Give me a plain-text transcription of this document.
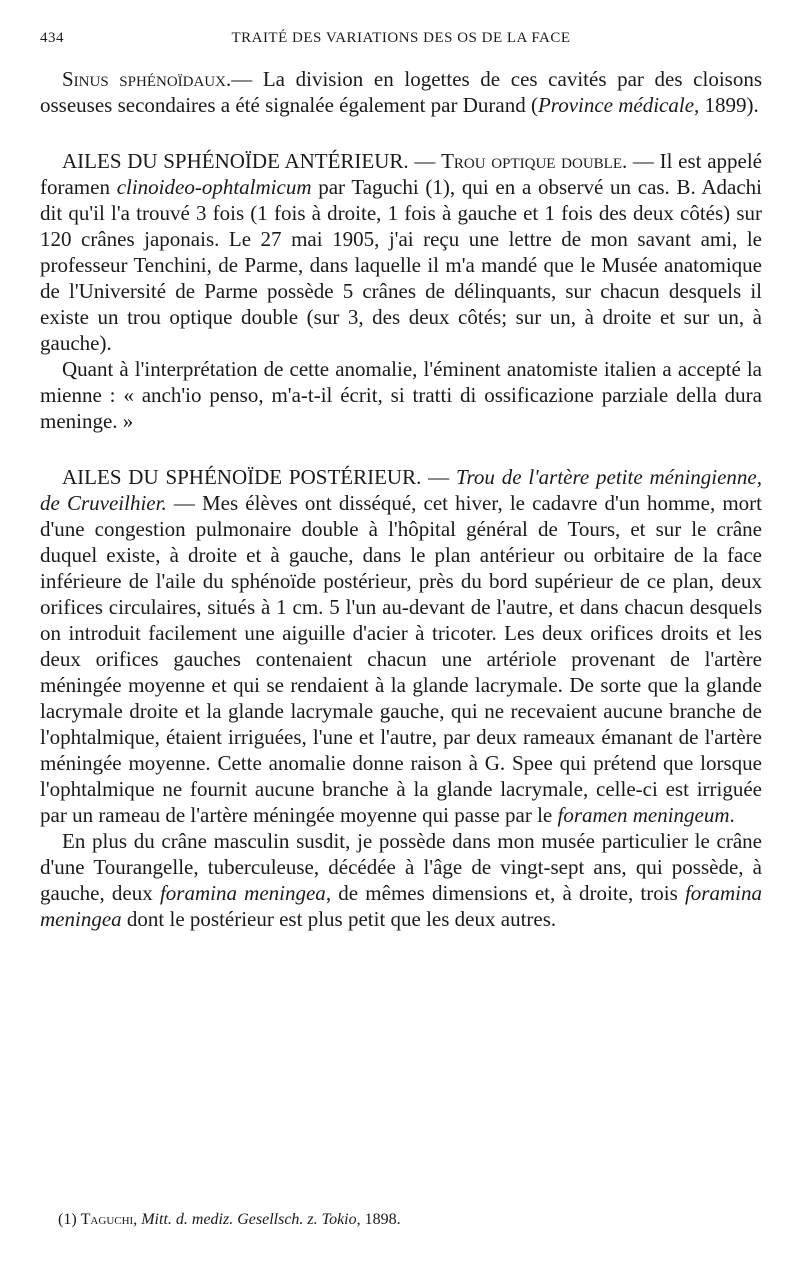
434	TRAITÉ DES VARIATIONS DES OS DE LA FACE

Sinus sphénoïdaux.— La division en logettes de ces cavités par des cloisons osseuses secondaires a été signalée également par Durand (Province médicale, 1899).

AILES DU SPHÉNOÏDE ANTÉRIEUR. — Trou optique double. — Il est appelé foramen clinoideo-ophtalmicum par Taguchi (1), qui en a observé un cas. B. Adachi dit qu'il l'a trouvé 3 fois (1 fois à droite, 1 fois à gauche et 1 fois des deux côtés) sur 120 crânes japonais. Le 27 mai 1905, j'ai reçu une lettre de mon savant ami, le professeur Tenchini, de Parme, dans laquelle il m'a mandé que le Musée anatomique de l'Université de Parme possède 5 crânes de délinquants, sur chacun desquels il existe un trou optique double (sur 3, des deux côtés; sur un, à droite et sur un, à gauche).

Quant à l'interprétation de cette anomalie, l'éminent anatomiste italien a accepté la mienne : « anch'io penso, m'a-t-il écrit, si tratti di ossificazione parziale della dura meninge. »

AILES DU SPHÉNOÏDE POSTÉRIEUR. — Trou de l'artère petite méningienne, de Cruveilhier. — Mes élèves ont disséqué, cet hiver, le cadavre d'un homme, mort d'une congestion pulmonaire double à l'hôpital général de Tours, et sur le crâne duquel existe, à droite et à gauche, dans le plan antérieur ou orbitaire de la face inférieure de l'aile du sphénoïde postérieur, près du bord supérieur de ce plan, deux orifices circulaires, situés à 1 cm. 5 l'un au-devant de l'autre, et dans chacun desquels on introduit facilement une aiguille d'acier à tricoter. Les deux orifices droits et les deux orifices gauches contenaient chacun une artériole provenant de l'artère méningée moyenne et qui se rendaient à la glande lacrymale. De sorte que la glande lacrymale droite et la glande lacrymale gauche, qui ne recevaient aucune branche de l'ophtalmique, étaient irriguées, l'une et l'autre, par deux rameaux émanant de l'artère méningée moyenne. Cette anomalie donne raison à G. Spee qui prétend que lorsque l'ophtalmique ne fournit aucune branche à la glande lacrymale, celle-ci est irriguée par un rameau de l'artère méningée moyenne qui passe par le foramen meningeum.

En plus du crâne masculin susdit, je possède dans mon musée particulier le crâne d'une Tourangelle, tuberculeuse, décédée à l'âge de vingt-sept ans, qui possède, à gauche, deux foramina meningea, de mêmes dimensions et, à droite, trois foramina meningea dont le postérieur est plus petit que les deux autres.

(1) Taguchi, Mitt. d. mediz. Gesellsch. z. Tokio, 1898.
